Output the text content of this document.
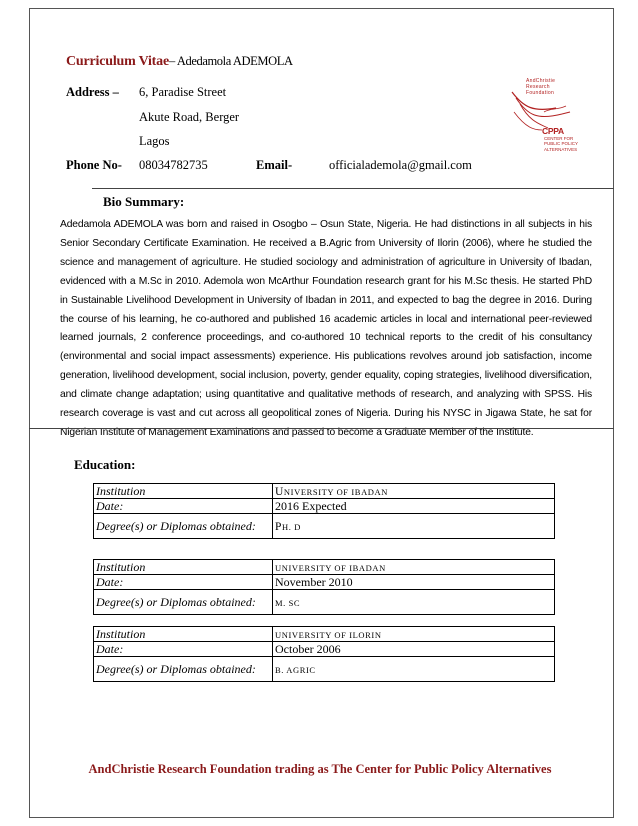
Curriculum Vitae– Adedamola ADEMOLA
Address – 6, Paradise Street
Akute Road, Berger
Lagos
Phone No- 08034782735	Email-	officialademola@gmail.com
AndChristie
Research
Foundation
CPPA
CENTER FOR
PUBLIC POLICY
ALTERNATIVES
Bio Summary:
Adedamola ADEMOLA was born and raised in Osogbo – Osun State, Nigeria. He had distinctions in all subjects in his Senior Secondary Certificate Examination. He received a B.Agric from University of Ilorin (2006), where he studied the science and management of agriculture. He studied sociology and administration of agriculture in University of Ibadan, evidenced with a M.Sc in 2010. Ademola won McArthur Foundation research grant for his M.Sc thesis. He started PhD in Sustainable Livelihood Development in University of Ibadan in 2011, and expected to bag the degree in 2016. During the course of his learning, he co-authored and published 16 academic articles in local and international peer-reviewed learned journals, 2 conference proceedings, and co-authored 10 technical reports to the credit of his consultancy (environmental and social impact assessments) experience. His publications revolves around job satisfaction, income generation, livelihood development, social inclusion, poverty, gender equality, coping strategies, livelihood diversification, and climate change adaptation; using quantitative and qualitative methods of research, and analyzing with SPSS. His research coverage is vast and cut across all geopolitical zones of Nigeria. During his NYSC in Jigawa State, he sat for Nigerian Institute of Management Examinations and passed to become a Graduate Member of the Institute.
Education:
Institution	UNIVERSITY OF IBADAN
Date:	2016 Expected
Degree(s) or Diplomas obtained:	PH. D
Institution	UNIVERSITY OF IBADAN
Date:	November 2010
Degree(s) or Diplomas obtained:	M. SC
Institution	UNIVERSITY OF ILORIN
Date:	October 2006
Degree(s) or Diplomas obtained:	B. AGRIC
AndChristie Research Foundation trading as The Center for Public Policy Alternatives
